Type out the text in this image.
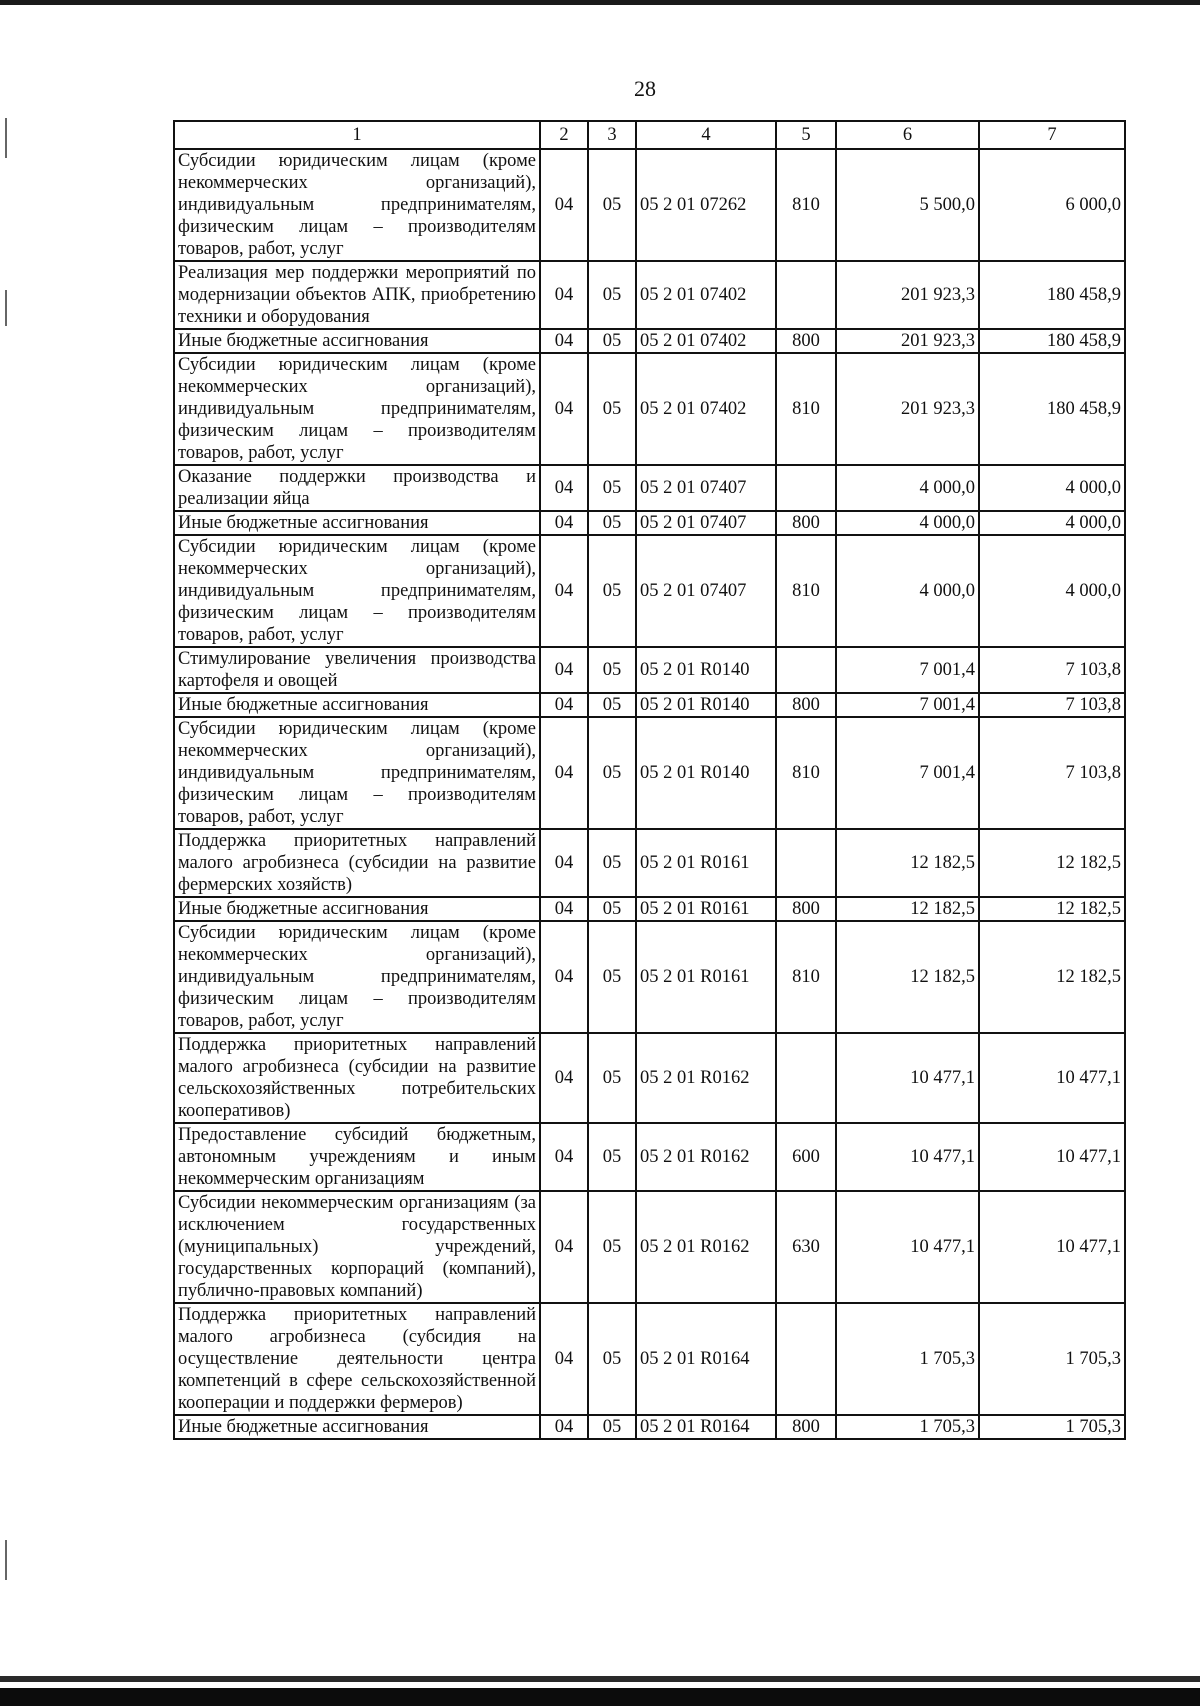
28
1	2	3	4	5	6	7
Субсидии юридическим лицам (кроме некоммерческих организаций), индивидуальным предпринимателям, физическим лицам – производителям товаров, работ, услуг	04	05	05 2 01 07262	810	5 500,0	6 000,0
Реализация мер поддержки мероприятий по модернизации объектов АПК, приобретению техники и оборудования	04	05	05 2 01 07402		201 923,3	180 458,9
Иные бюджетные ассигнования	04	05	05 2 01 07402	800	201 923,3	180 458,9
Субсидии юридическим лицам (кроме некоммерческих организаций), индивидуальным предпринимателям, физическим лицам – производителям товаров, работ, услуг	04	05	05 2 01 07402	810	201 923,3	180 458,9
Оказание поддержки производства и реализации яйца	04	05	05 2 01 07407		4 000,0	4 000,0
Иные бюджетные ассигнования	04	05	05 2 01 07407	800	4 000,0	4 000,0
Субсидии юридическим лицам (кроме некоммерческих организаций), индивидуальным предпринимателям, физическим лицам – производителям товаров, работ, услуг	04	05	05 2 01 07407	810	4 000,0	4 000,0
Стимулирование увеличения производства картофеля и овощей	04	05	05 2 01 R0140		7 001,4	7 103,8
Иные бюджетные ассигнования	04	05	05 2 01 R0140	800	7 001,4	7 103,8
Субсидии юридическим лицам (кроме некоммерческих организаций), индивидуальным предпринимателям, физическим лицам – производителям товаров, работ, услуг	04	05	05 2 01 R0140	810	7 001,4	7 103,8
Поддержка приоритетных направлений малого агробизнеса (субсидии на развитие фермерских хозяйств)	04	05	05 2 01 R0161		12 182,5	12 182,5
Иные бюджетные ассигнования	04	05	05 2 01 R0161	800	12 182,5	12 182,5
Субсидии юридическим лицам (кроме некоммерческих организаций), индивидуальным предпринимателям, физическим лицам – производителям товаров, работ, услуг	04	05	05 2 01 R0161	810	12 182,5	12 182,5
Поддержка приоритетных направлений малого агробизнеса (субсидии на развитие сельскохозяйственных потребительских кооперативов)	04	05	05 2 01 R0162		10 477,1	10 477,1
Предоставление субсидий бюджетным, автономным учреждениям и иным некоммерческим организациям	04	05	05 2 01 R0162	600	10 477,1	10 477,1
Субсидии некоммерческим организациям (за исключением государственных (муниципальных) учреждений, государственных корпораций (компаний), публично-правовых компаний)	04	05	05 2 01 R0162	630	10 477,1	10 477,1
Поддержка приоритетных направлений малого агробизнеса (субсидия на осуществление деятельности центра компетенций в сфере сельскохозяйственной кооперации и поддержки фермеров)	04	05	05 2 01 R0164		1 705,3	1 705,3
Иные бюджетные ассигнования	04	05	05 2 01 R0164	800	1 705,3	1 705,3
